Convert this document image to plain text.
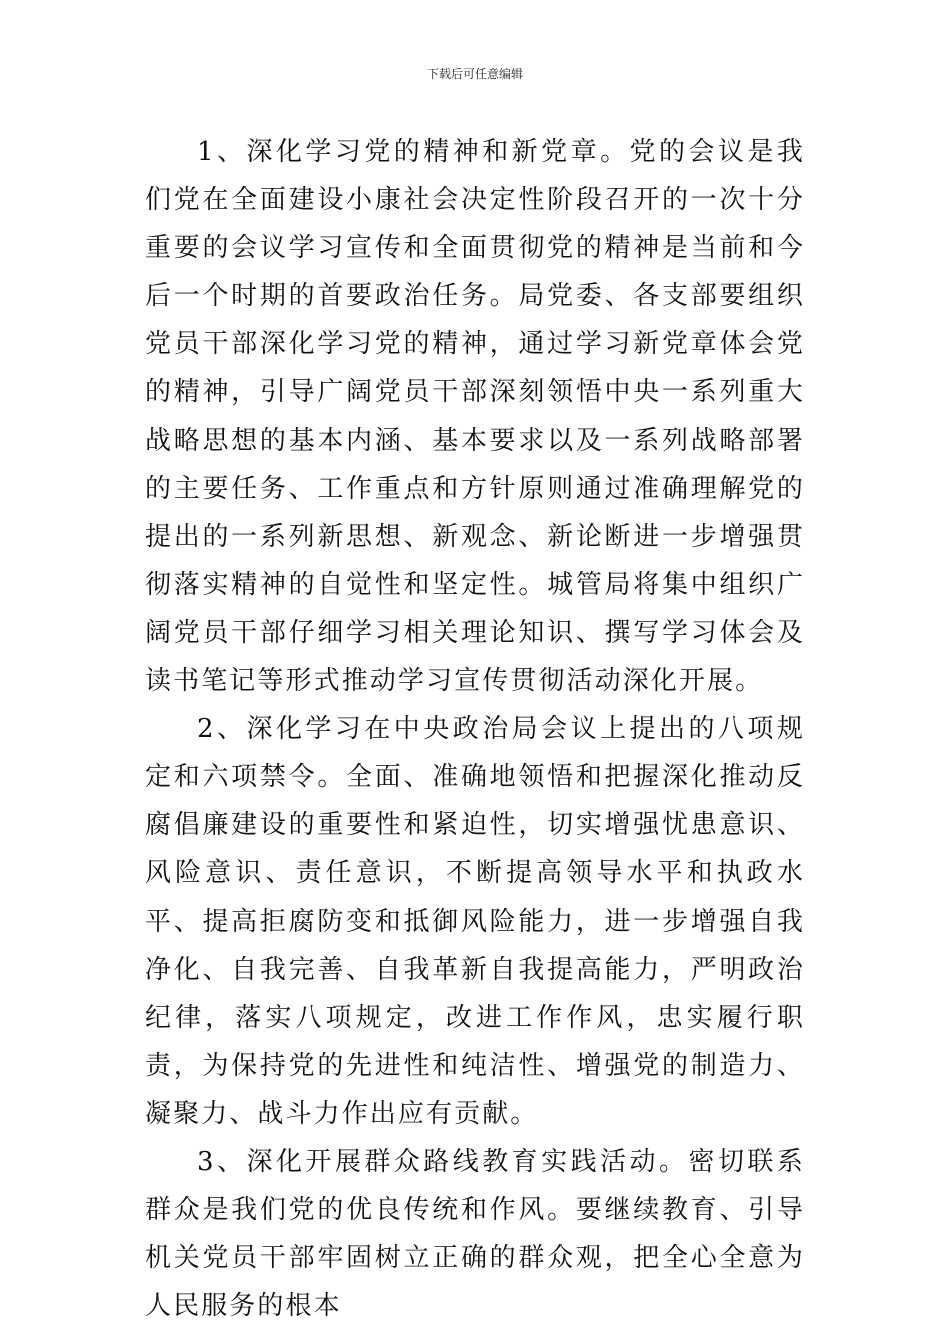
下载后可任意编辑

1、深化学习党的精神和新党章。党的会议是我们党在全面建设小康社会决定性阶段召开的一次十分重要的会议学习宣传和全面贯彻党的精神是当前和今后一个时期的首要政治任务。局党委、各支部要组织党员干部深化学习党的精神，通过学习新党章体会党的精神，引导广阔党员干部深刻领悟中央一系列重大战略思想的基本内涵、基本要求以及一系列战略部署的主要任务、工作重点和方针原则通过准确理解党的提出的一系列新思想、新观念、新论断进一步增强贯彻落实精神的自觉性和坚定性。城管局将集中组织广阔党员干部仔细学习相关理论知识、撰写学习体会及读书笔记等形式推动学习宣传贯彻活动深化开展。

2、深化学习在中央政治局会议上提出的八项规定和六项禁令。全面、准确地领悟和把握深化推动反腐倡廉建设的重要性和紧迫性，切实增强忧患意识、风险意识、责任意识，不断提高领导水平和执政水平、提高拒腐防变和抵御风险能力，进一步增强自我净化、自我完善、自我革新自我提高能力，严明政治纪律，落实八项规定，改进工作作风，忠实履行职责，为保持党的先进性和纯洁性、增强党的制造力、凝聚力、战斗力作出应有贡献。

3、深化开展群众路线教育实践活动。密切联系群众是我们党的优良传统和作风。要继续教育、引导机关党员干部牢固树立正确的群众观，把全心全意为人民服务的根本
